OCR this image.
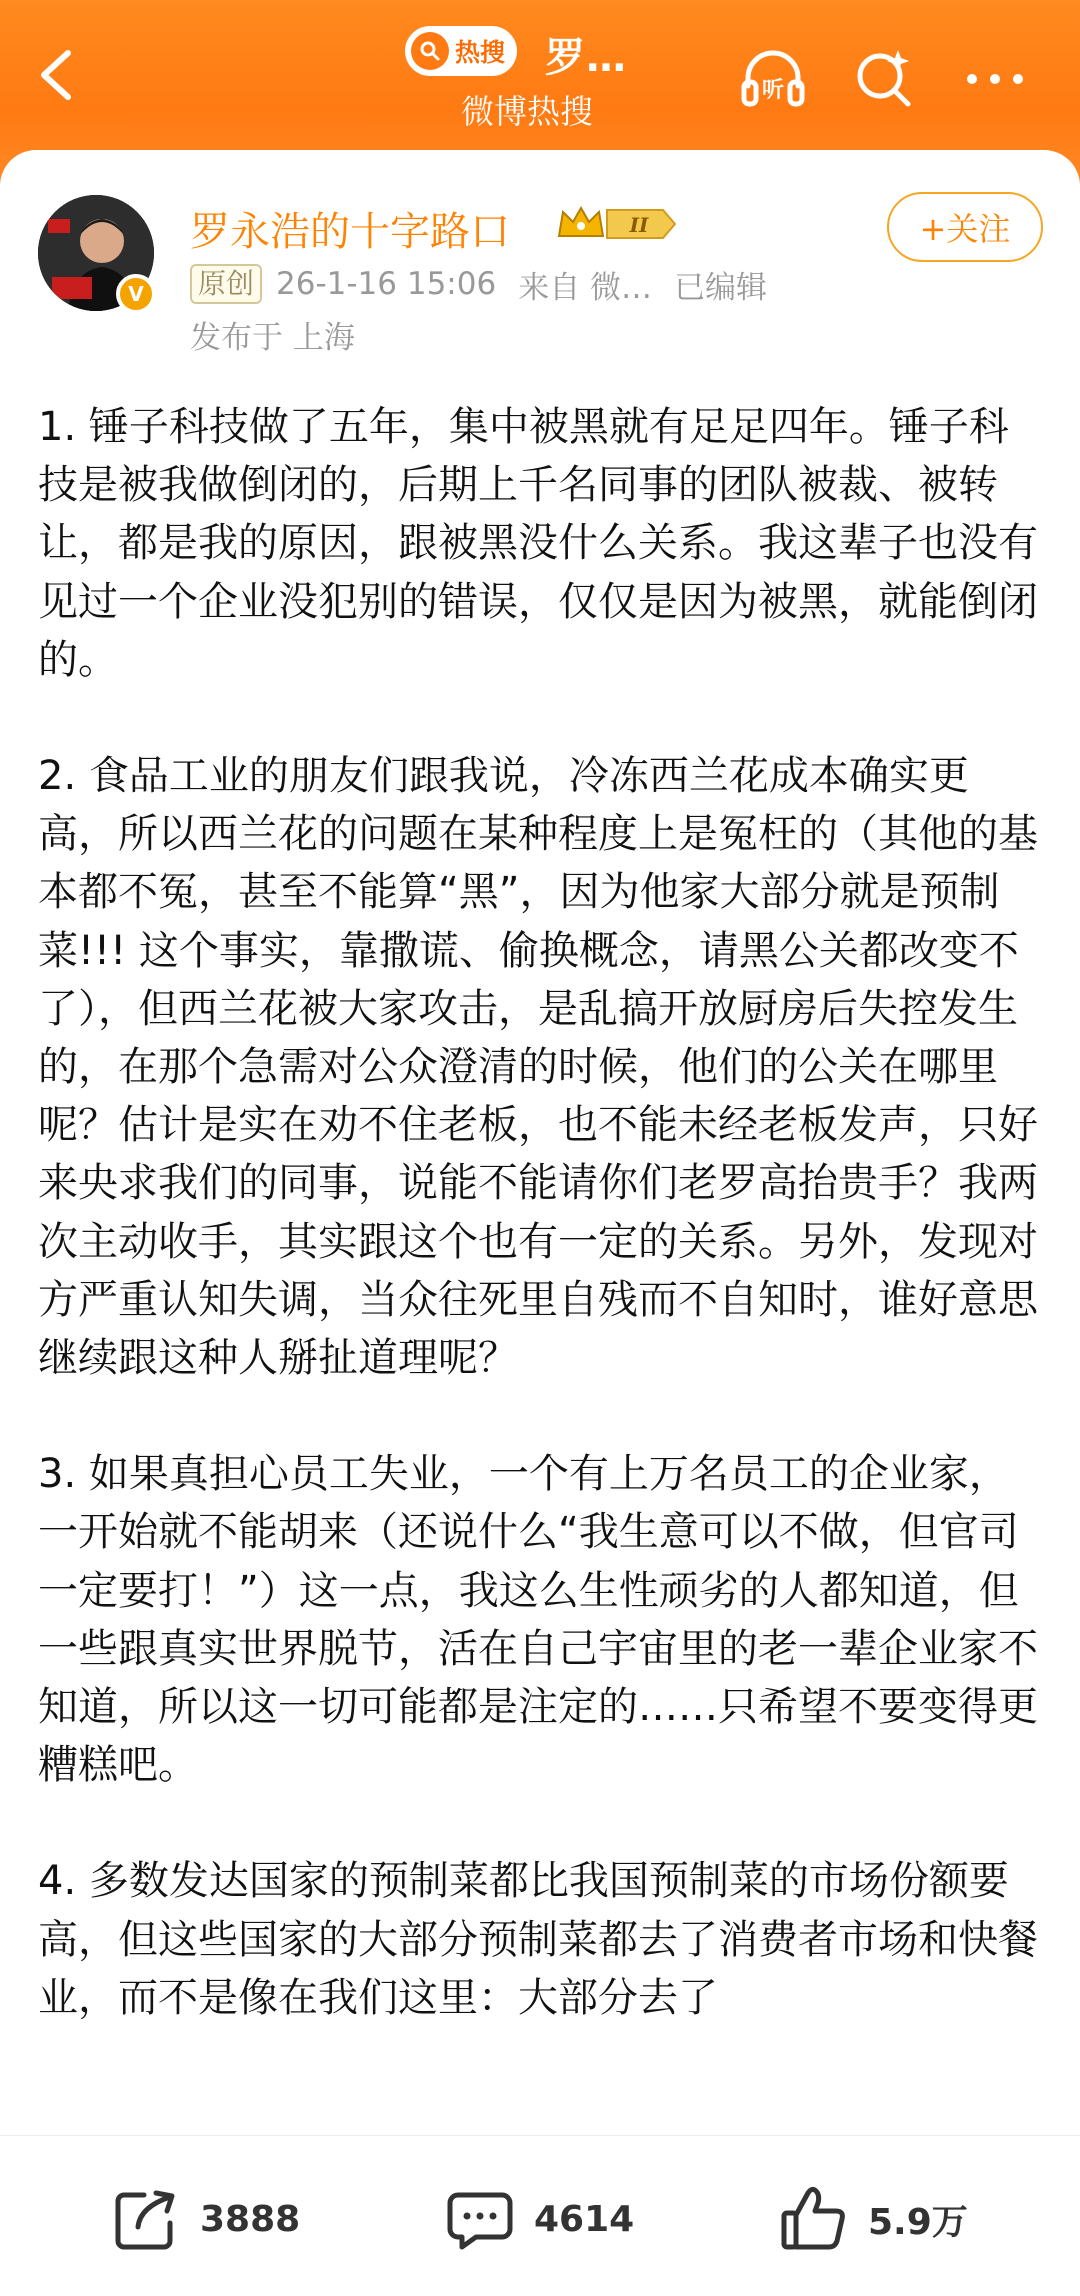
热搜 罗…
微博热搜
听
V
罗永浩的十字路口	II
原创 26-1-16 15:06 来自 微… 已编辑
发布于 上海
+关注

1. 锤子科技做了五年，集中被黑就有足足四年。锤子科技是被我做倒闭的，后期上千名同事的团队被裁、被转让，都是我的原因，跟被黑没什么关系。我这辈子也没有见过一个企业没犯别的错误，仅仅是因为被黑，就能倒闭的。

2. 食品工业的朋友们跟我说，冷冻西兰花成本确实更高，所以西兰花的问题在某种程度上是冤枉的（其他的基本都不冤，甚至不能算“黑”，因为他家大部分就是预制菜!!! 这个事实，靠撒谎、偷换概念，请黑公关都改变不了），但西兰花被大家攻击，是乱搞开放厨房后失控发生的，在那个急需对公众澄清的时候，他们的公关在哪里呢？估计是实在劝不住老板，也不能未经老板发声，只好来央求我们的同事，说能不能请你们老罗高抬贵手？我两次主动收手，其实跟这个也有一定的关系。另外，发现对方严重认知失调，当众往死里自残而不自知时，谁好意思继续跟这种人掰扯道理呢？

3. 如果真担心员工失业，一个有上万名员工的企业家，一开始就不能胡来（还说什么“我生意可以不做，但官司一定要打！”）这一点，我这么生性顽劣的人都知道，但一些跟真实世界脱节，活在自己宇宙里的老一辈企业家不知道，所以这一切可能都是注定的……只希望不要变得更糟糕吧。

4. 多数发达国家的预制菜都比我国预制菜的市场份额要高，但这些国家的大部分预制菜都去了消费者市场和快餐业，而不是像在我们这里：大部分去了

3888	4614	5.9万
